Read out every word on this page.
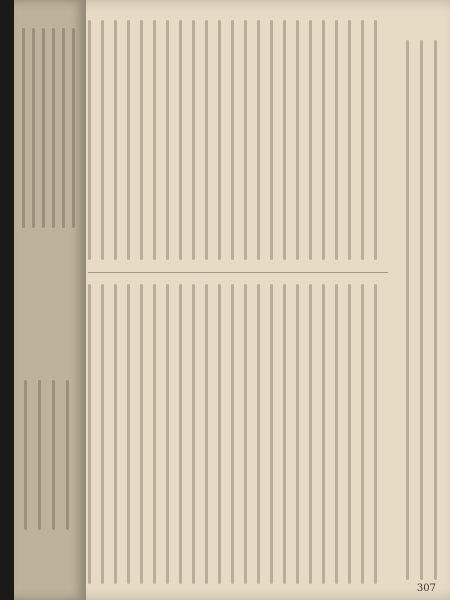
307
